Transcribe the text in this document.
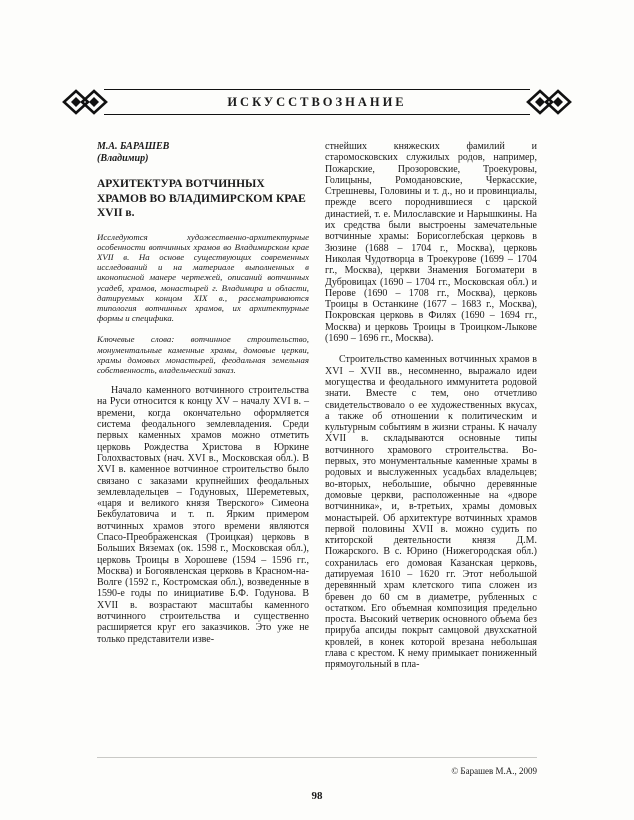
ИСКУССТВОЗНАНИЕ
М.А. БАРАШЕВ
(Владимир)
АРХИТЕКТУРА ВОТЧИННЫХ ХРАМОВ ВО ВЛАДИМИРСКОМ КРАЕ XVII в.

Исследуются художественно-архитектурные особенности вотчинных храмов во Владимирском крае XVII в. На основе существующих современных исследований и на материале выполненных в иконописной манере чертежей, описаний вотчинных усадеб, храмов, монастырей г. Владимира и области, датируемых концом XIX в., рассматриваются типология вотчинных храмов, их архитектурные формы и специфика.

Ключевые слова: вотчинное строительство, монументальные каменные храмы, домовые церкви, храмы домовых монастырей, феодальная земельная собственность, владельческий заказ.

Начало каменного вотчинного строительства на Руси относится к концу XV – началу XVI в. – времени, когда окончательно оформляется система феодального землевладения. Среди первых каменных храмов можно отметить церковь Рождества Христова в Юркине Голохвастовых (нач. XVI в., Московская обл.). В XVI в. каменное вотчинное строительство было связано с заказами крупнейших феодальных землевладельцев – Годуновых, Шереметевых, «царя и великого князя Тверского» Симеона Бекбулатовича и т. п. Ярким примером вотчинных храмов этого времени являются Спасо-Преображенская (Троицкая) церковь в Больших Вяземах (ок. 1598 г., Московская обл.), церковь Троицы в Хорошеве (1594 – 1596 гг., Москва) и Богоявленская церковь в Красном-на-Волге (1592 г., Костромская обл.), возведенные в 1590-е годы по инициативе Б.Ф. Годунова. В XVII в. возрастают масштабы каменного вотчинного строительства и существенно расширяется круг его заказчиков. Это уже не только представители изве-

стнейших княжеских фамилий и старомосковских служилых родов, например, Пожарские, Прозоровские, Троекуровы, Голицыны, Ромодановские, Черкасские, Стрешневы, Головины и т. д., но и провинциалы, прежде всего породнившиеся с царской династией, т. е. Милославские и Нарышкины. На их средства были выстроены замечательные вотчинные храмы: Борисоглебская церковь в Зюзине (1688 – 1704 г., Москва), церковь Николая Чудотворца в Троекурове (1699 – 1704 гг., Москва), церкви Знамения Богоматери в Дубровицах (1690 – 1704 гг., Московская обл.) и Перове (1690 – 1708 гг., Москва), церковь Троицы в Останкине (1677 – 1683 г., Москва), Покровская церковь в Филях (1690 – 1694 гг., Москва) и церковь Троицы в Троицком-Лыкове (1690 – 1696 гг., Москва).

Строительство каменных вотчинных храмов в XVI – XVII вв., несомненно, выражало идеи могущества и феодального иммунитета родовой знати. Вместе с тем, оно отчетливо свидетельствовало о ее художественных вкусах, а также об отношении к политическим и культурным событиям в жизни страны. К началу XVII в. складываются основные типы вотчинного храмового строительства. Во-первых, это монументальные каменные храмы в родовых и выслуженных усадьбах владельцев; во-вторых, небольшие, обычно деревянные домовые церкви, расположенные на «дворе вотчинника», и, в-третьих, храмы домовых монастырей. Об архитектуре вотчинных храмов первой половины XVII в. можно судить по ктиторской деятельности князя Д.М. Пожарского. В с. Юрино (Нижегородская обл.) сохранилась его домовая Казанская церковь, датируемая 1610 – 1620 гг. Этот небольшой деревянный храм клетского типа сложен из бревен до 60 см в диаметре, рубленных с остатком. Его объемная композиция предельно проста. Высокий четверик основного объема без прируба апсиды покрыт самцовой двухскатной кровлей, в конек которой врезана небольшая глава с крестом. К нему примыкает пониженный прямоугольный в пла-

© Барашев М.А., 2009
98
